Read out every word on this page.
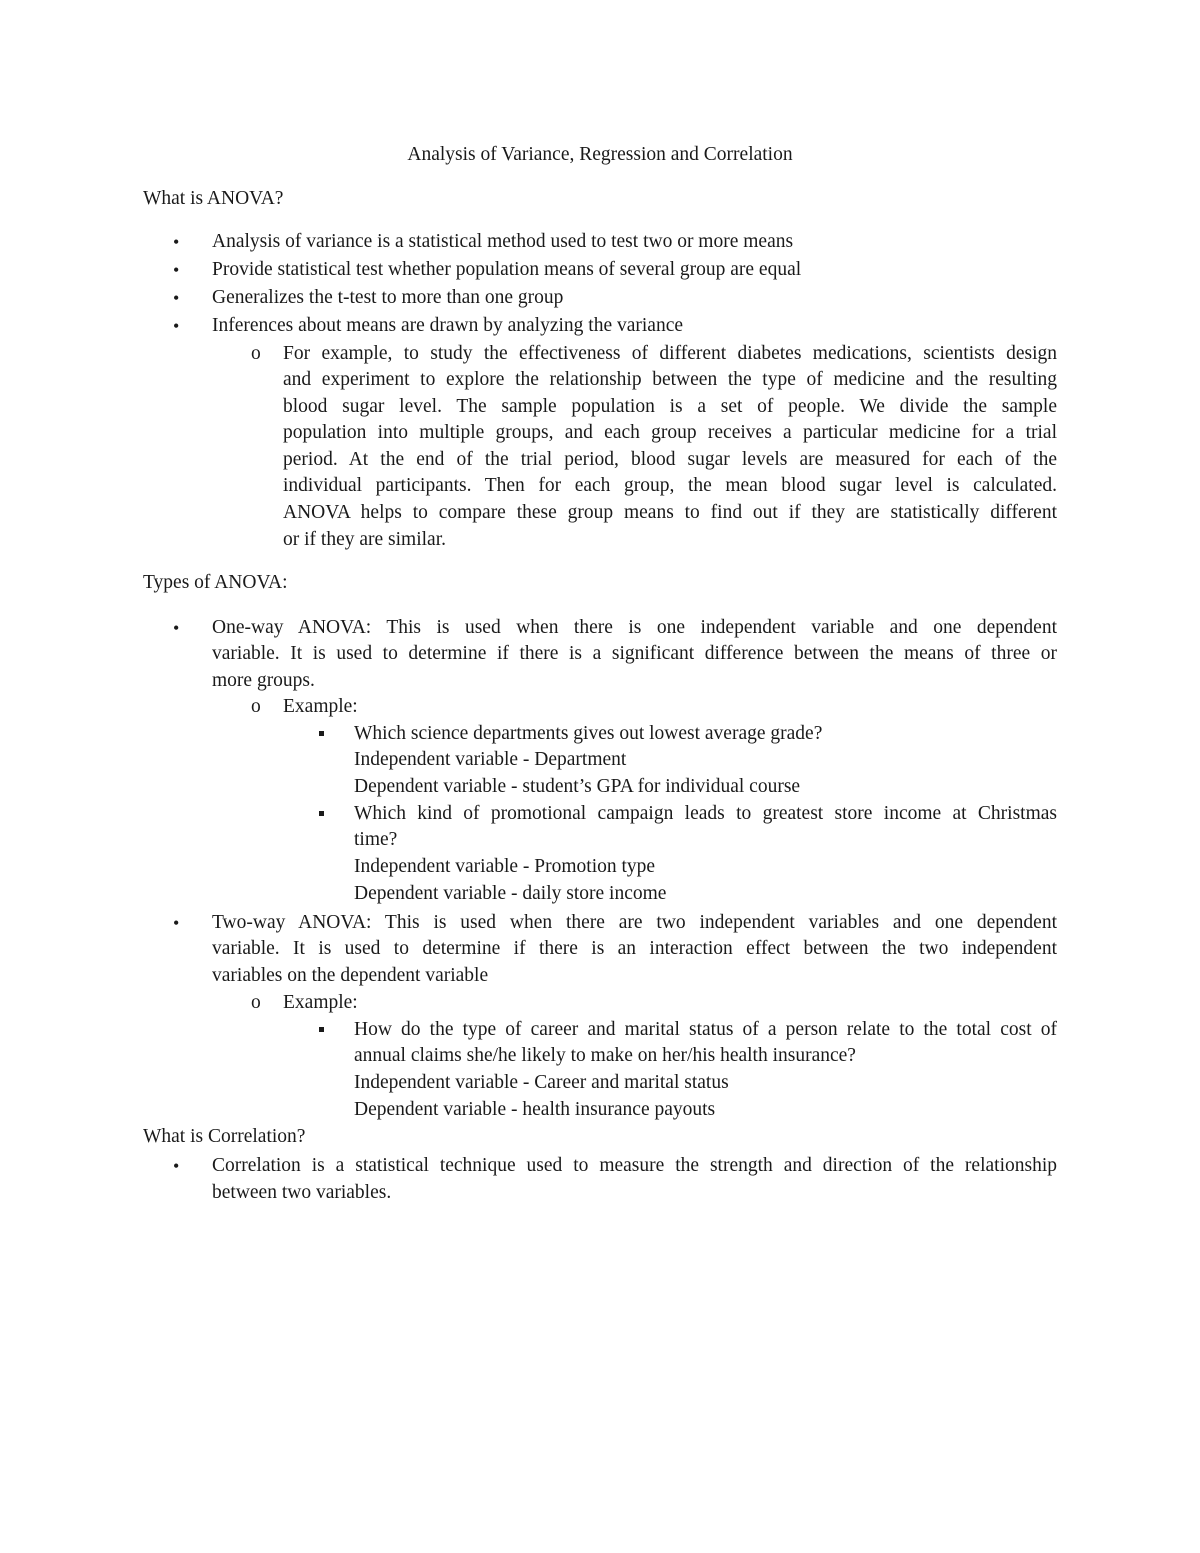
Analysis of Variance, Regression and Correlation
What is ANOVA?
• Analysis of variance is a statistical method used to test two or more means
• Provide statistical test whether population means of several group are equal
• Generalizes the t-test to more than one group
• Inferences about means are drawn by analyzing the variance
o For example, to study the effectiveness of different diabetes medications, scientists design
and experiment to explore the relationship between the type of medicine and the resulting
blood sugar level. The sample population is a set of people. We divide the sample
population into multiple groups, and each group receives a particular medicine for a trial
period. At the end of the trial period, blood sugar levels are measured for each of the
individual participants. Then for each group, the mean blood sugar level is calculated.
ANOVA helps to compare these group means to find out if they are statistically different
or if they are similar.
Types of ANOVA:
• One-way ANOVA: This is used when there is one independent variable and one dependent
variable. It is used to determine if there is a significant difference between the means of three or
more groups.
o Example:
Which science departments gives out lowest average grade?
Independent variable - Department
Dependent variable - student’s GPA for individual course
Which kind of promotional campaign leads to greatest store income at Christmas
time?
Independent variable - Promotion type
Dependent variable - daily store income
• Two-way ANOVA: This is used when there are two independent variables and one dependent
variable. It is used to determine if there is an interaction effect between the two independent
variables on the dependent variable
o Example:
How do the type of career and marital status of a person relate to the total cost of
annual claims she/he likely to make on her/his health insurance?
Independent variable - Career and marital status
Dependent variable - health insurance payouts
What is Correlation?
• Correlation is a statistical technique used to measure the strength and direction of the relationship
between two variables.
